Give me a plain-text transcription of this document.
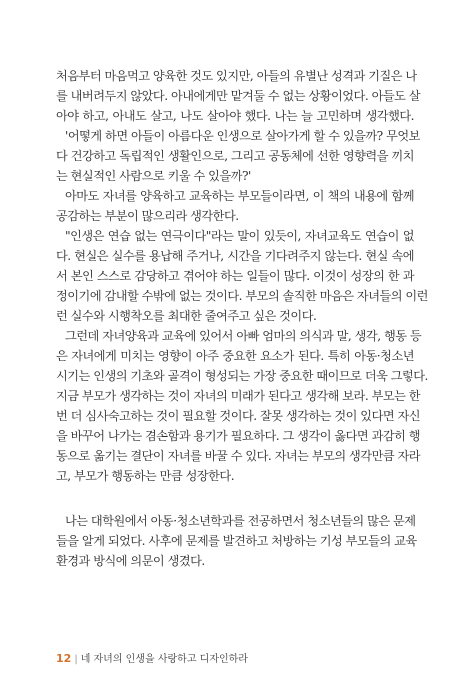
처음부터 마음먹고 양육한 것도 있지만, 아들의 유별난 성격과 기질은 나
를 내버려두지 않았다. 아내에게만 맡겨둘 수 없는 상황이었다. 아들도 살
아야 하고, 아내도 살고, 나도 살아야 했다. 나는 늘 고민하며 생각했다.
'어떻게 하면 아들이 아름다운 인생으로 살아가게 할 수 있을까? 무엇보
다 건강하고 독립적인 생활인으로, 그리고 공동체에 선한 영향력을 끼치
는 현실적인 사람으로 키울 수 있을까?'
아마도 자녀를 양육하고 교육하는 부모들이라면, 이 책의 내용에 함께
공감하는 부분이 많으리라 생각한다.
"인생은 연습 없는 연극이다"라는 말이 있듯이, 자녀교육도 연습이 없
다. 현실은 실수를 용납해 주거나, 시간을 기다려주지 않는다. 현실 속에
서 본인 스스로 감당하고 겪어야 하는 일들이 많다. 이것이 성장의 한 과
정이기에 감내할 수밖에 없는 것이다. 부모의 솔직한 마음은 자녀들의 이런
런 실수와 시행착오를 최대한 줄여주고 싶은 것이다.
그런데 자녀양육과 교육에 있어서 아빠 엄마의 의식과 말, 생각, 행동 등
은 자녀에게 미치는 영향이 아주 중요한 요소가 된다. 특히 아동·청소년
시기는 인생의 기초와 골격이 형성되는 가장 중요한 때이므로 더욱 그렇다.
지금 부모가 생각하는 것이 자녀의 미래가 된다고 생각해 보라. 부모는 한
번 더 심사숙고하는 것이 필요할 것이다. 잘못 생각하는 것이 있다면 자신
을 바꾸어 나가는 겸손함과 용기가 필요하다. 그 생각이 옳다면 과감히 행
동으로 옮기는 결단이 자녀를 바꿀 수 있다. 자녀는 부모의 생각만큼 자라
고, 부모가 행동하는 만큼 성장한다.
나는 대학원에서 아동·청소년학과를 전공하면서 청소년들의 많은 문제
들을 알게 되었다. 사후에 문제를 발견하고 처방하는 기성 부모들의 교육
환경과 방식에 의문이 생겼다.
12 | 네 자녀의 인생을 사랑하고 디자인하라
